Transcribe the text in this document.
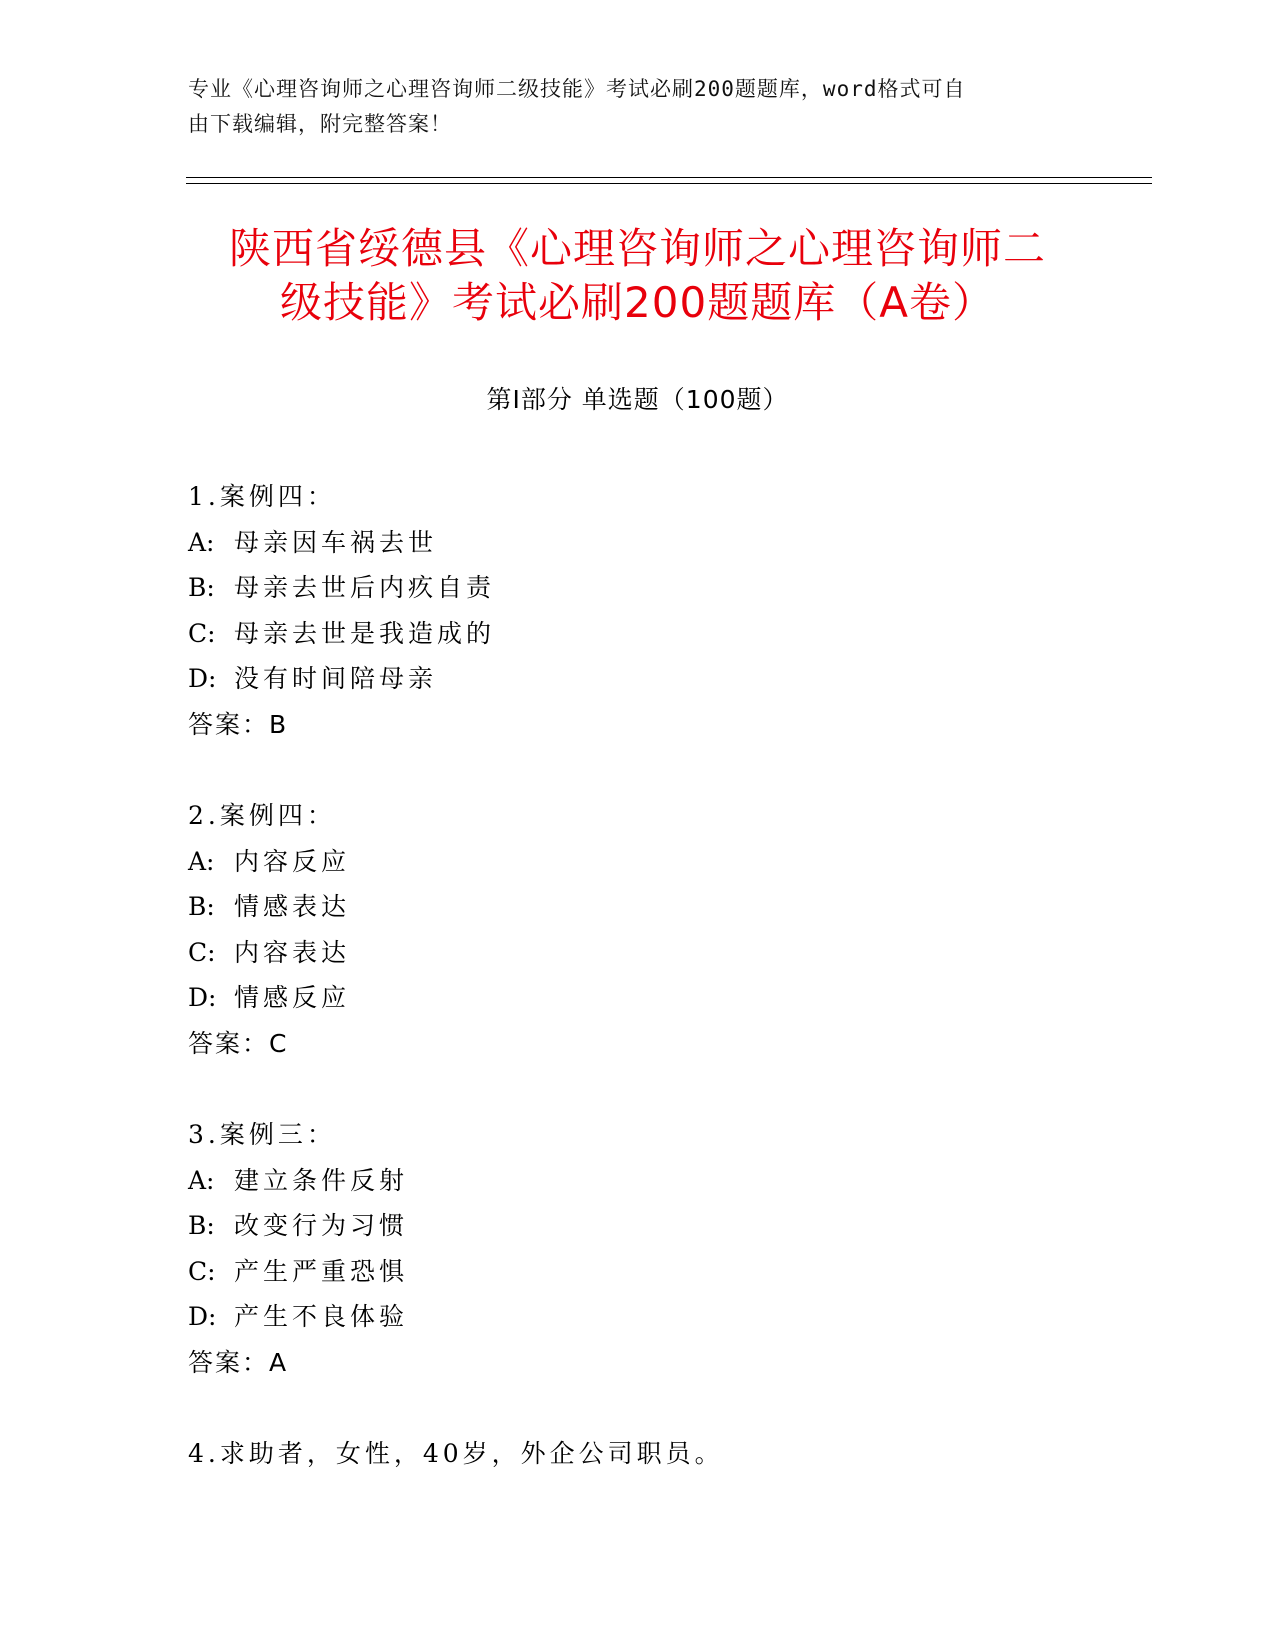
专业《心理咨询师之心理咨询师二级技能》考试必刷200题题库，word格式可自
由下载编辑，附完整答案！
陕西省绥德县《心理咨询师之心理咨询师二
级技能》考试必刷200题题库（A卷）
第Ⅰ部分 单选题（100题）
1.案例四：
A: 母亲因车祸去世
B: 母亲去世后内疚自责
C: 母亲去世是我造成的
D: 没有时间陪母亲
答案：B
2.案例四：
A: 内容反应
B: 情感表达
C: 内容表达
D: 情感反应
答案：C
3.案例三：
A: 建立条件反射
B: 改变行为习惯
C: 产生严重恐惧
D: 产生不良体验
答案：A
4.求助者，女性，40岁，外企公司职员。
